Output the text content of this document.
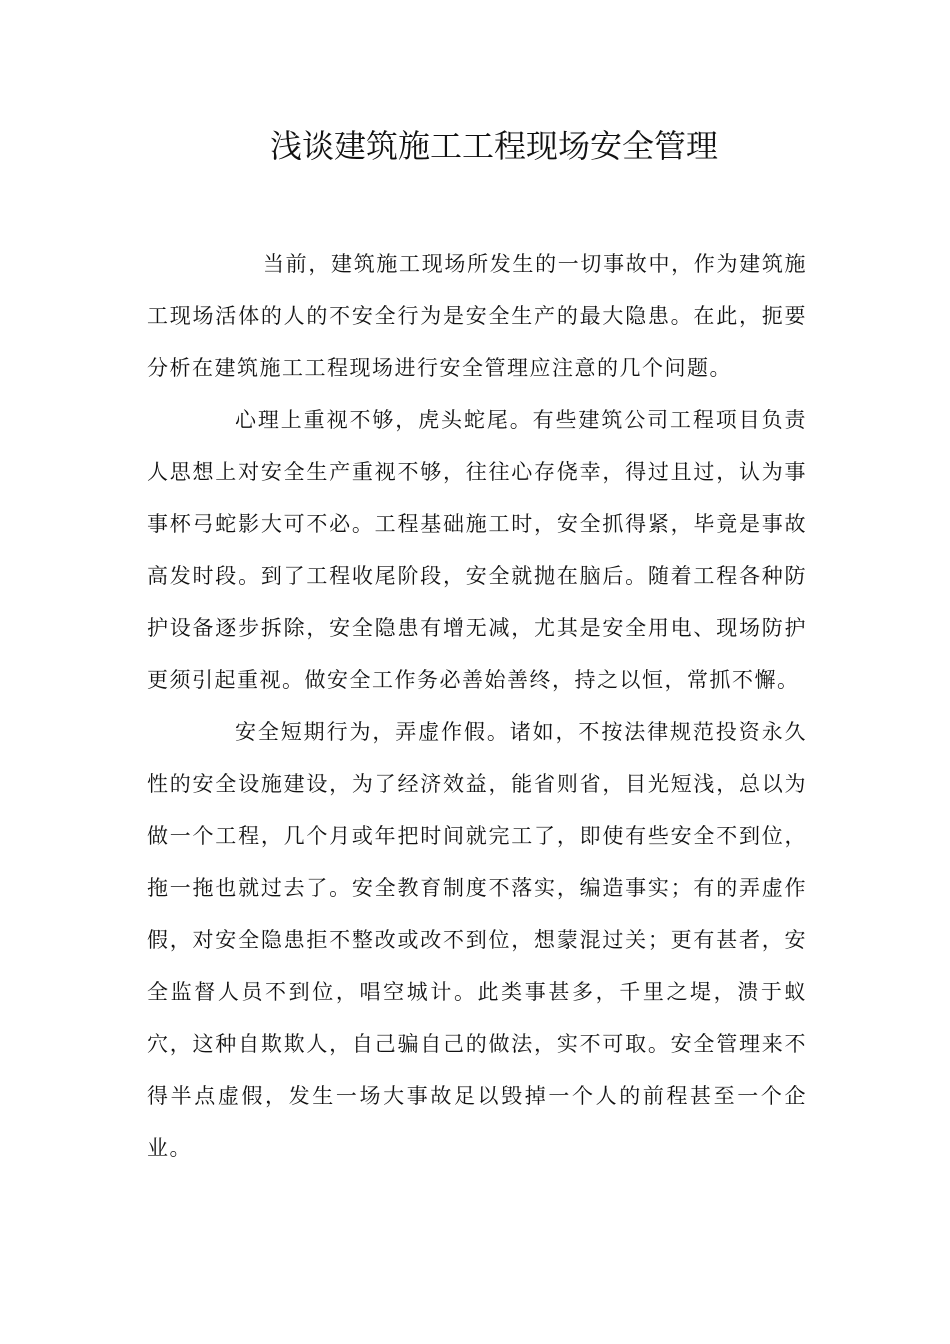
浅谈建筑施工工程现场安全管理

当前，建筑施工现场所发生的一切事故中，作为建筑施工现场活体的人的不安全行为是安全生产的最大隐患。在此，扼要分析在建筑施工工程现场进行安全管理应注意的几个问题。

心理上重视不够，虎头蛇尾。有些建筑公司工程项目负责人思想上对安全生产重视不够，往往心存侥幸，得过且过，认为事事杯弓蛇影大可不必。工程基础施工时，安全抓得紧，毕竟是事故高发时段。到了工程收尾阶段，安全就抛在脑后。随着工程各种防护设备逐步拆除，安全隐患有增无减，尤其是安全用电、现场防护更须引起重视。做安全工作务必善始善终，持之以恒，常抓不懈。

安全短期行为，弄虚作假。诸如，不按法律规范投资永久性的安全设施建设，为了经济效益，能省则省，目光短浅，总以为做一个工程，几个月或年把时间就完工了，即使有些安全不到位，拖一拖也就过去了。安全教育制度不落实，编造事实；有的弄虚作假，对安全隐患拒不整改或改不到位，想蒙混过关；更有甚者，安全监督人员不到位，唱空城计。此类事甚多，千里之堤，溃于蚁穴，这种自欺欺人，自己骗自己的做法，实不可取。安全管理来不得半点虚假，发生一场大事故足以毁掉一个人的前程甚至一个企业。
